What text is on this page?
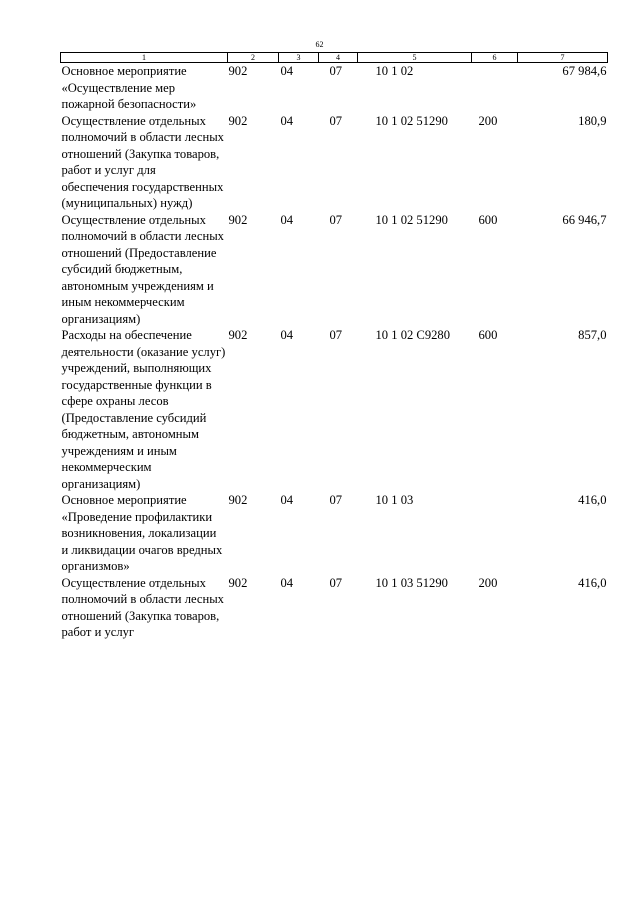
62
1	2	3	4	5	6	7
Основное мероприятие «Осуществление мер пожарной безопасности»	902	04	07	10 1 02		67 984,6
Осуществление отдельных полномочий в области лесных отношений (Закупка товаров, работ и услуг для обеспечения государственных (муниципальных) нужд)	902	04	07	10 1 02 51290	200	180,9
Осуществление отдельных полномочий в области лесных отношений (Предоставление субсидий бюджетным, автономным учреждениям и иным некоммерческим организациям)	902	04	07	10 1 02 51290	600	66 946,7
Расходы на обеспечение деятельности (оказание услуг) учреждений, выполняющих государственные функции в сфере охраны лесов (Предоставление субсидий бюджетным, автономным учреждениям и иным некоммерческим организациям)	902	04	07	10 1 02 С9280	600	857,0
Основное мероприятие «Проведение профилактики возникновения, локализации и ликвидации очагов вредных организмов»	902	04	07	10 1 03		416,0
Осуществление отдельных полномочий в области лесных отношений (Закупка товаров, работ и услуг	902	04	07	10 1 03 51290	200	416,0
